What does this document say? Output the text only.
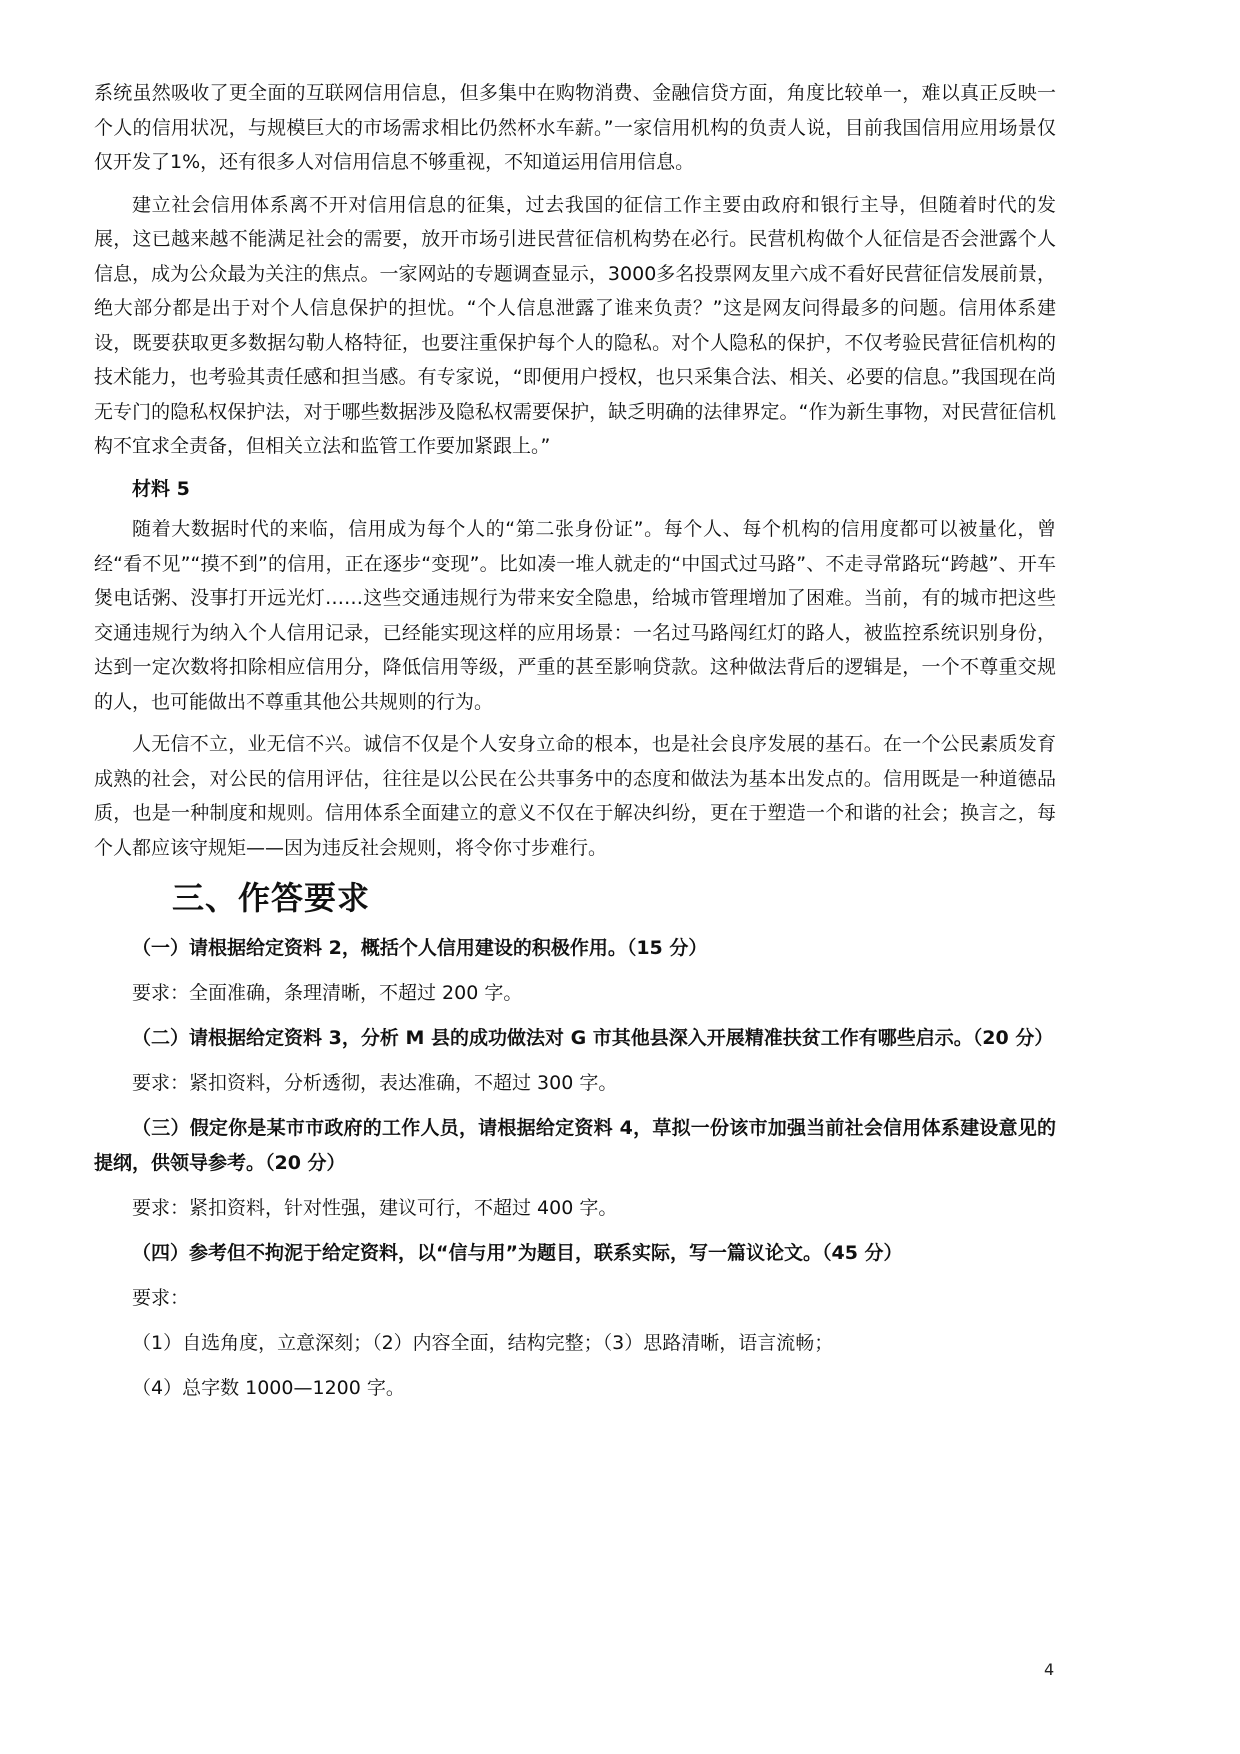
系统虽然吸收了更全面的互联网信用信息，但多集中在购物消费、金融信贷方面，角度比较单一，难以真正反映一个人的信用状况，与规模巨大的市场需求相比仍然杯水车薪。”一家信用机构的负责人说，目前我国信用应用场景仅仅开发了1%，还有很多人对信用信息不够重视，不知道运用信用信息。

建立社会信用体系离不开对信用信息的征集，过去我国的征信工作主要由政府和银行主导，但随着时代的发展，这已越来越不能满足社会的需要，放开市场引进民营征信机构势在必行。民营机构做个人征信是否会泄露个人信息，成为公众最为关注的焦点。一家网站的专题调查显示，3000多名投票网友里六成不看好民营征信发展前景，绝大部分都是出于对个人信息保护的担忧。“个人信息泄露了谁来负责？”这是网友问得最多的问题。信用体系建设，既要获取更多数据勾勒人格特征，也要注重保护每个人的隐私。对个人隐私的保护，不仅考验民营征信机构的技术能力，也考验其责任感和担当感。有专家说，“即便用户授权，也只采集合法、相关、必要的信息。”我国现在尚无专门的隐私权保护法，对于哪些数据涉及隐私权需要保护，缺乏明确的法律界定。“作为新生事物，对民营征信机构不宜求全责备，但相关立法和监管工作要加紧跟上。”

材料 5

随着大数据时代的来临，信用成为每个人的“第二张身份证”。每个人、每个机构的信用度都可以被量化，曾经“看不见”“摸不到”的信用，正在逐步“变现”。比如凑一堆人就走的“中国式过马路”、不走寻常路玩“跨越”、开车煲电话粥、没事打开远光灯……这些交通违规行为带来安全隐患，给城市管理增加了困难。当前，有的城市把这些交通违规行为纳入个人信用记录，已经能实现这样的应用场景：一名过马路闯红灯的路人，被监控系统识别身份，达到一定次数将扣除相应信用分，降低信用等级，严重的甚至影响贷款。这种做法背后的逻辑是，一个不尊重交规的人，也可能做出不尊重其他公共规则的行为。

人无信不立，业无信不兴。诚信不仅是个人安身立命的根本，也是社会良序发展的基石。在一个公民素质发育成熟的社会，对公民的信用评估，往往是以公民在公共事务中的态度和做法为基本出发点的。信用既是一种道德品质，也是一种制度和规则。信用体系全面建立的意义不仅在于解决纠纷，更在于塑造一个和谐的社会；换言之，每个人都应该守规矩——因为违反社会规则，将令你寸步难行。

三、作答要求

（一）请根据给定资料 2，概括个人信用建设的积极作用。（15 分）

要求：全面准确，条理清晰，不超过 200 字。

（二）请根据给定资料 3，分析 M 县的成功做法对 G 市其他县深入开展精准扶贫工作有哪些启示。（20 分）

要求：紧扣资料，分析透彻，表达准确，不超过 300 字。

（三）假定你是某市市政府的工作人员，请根据给定资料 4，草拟一份该市加强当前社会信用体系建设意见的提纲，供领导参考。（20 分）

要求：紧扣资料，针对性强，建议可行，不超过 400 字。

（四）参考但不拘泥于给定资料，以“信与用”为题目，联系实际，写一篇议论文。（45 分）

要求：

（1）自选角度，立意深刻；（2）内容全面，结构完整；（3）思路清晰，语言流畅；

（4）总字数 1000—1200 字。

4
